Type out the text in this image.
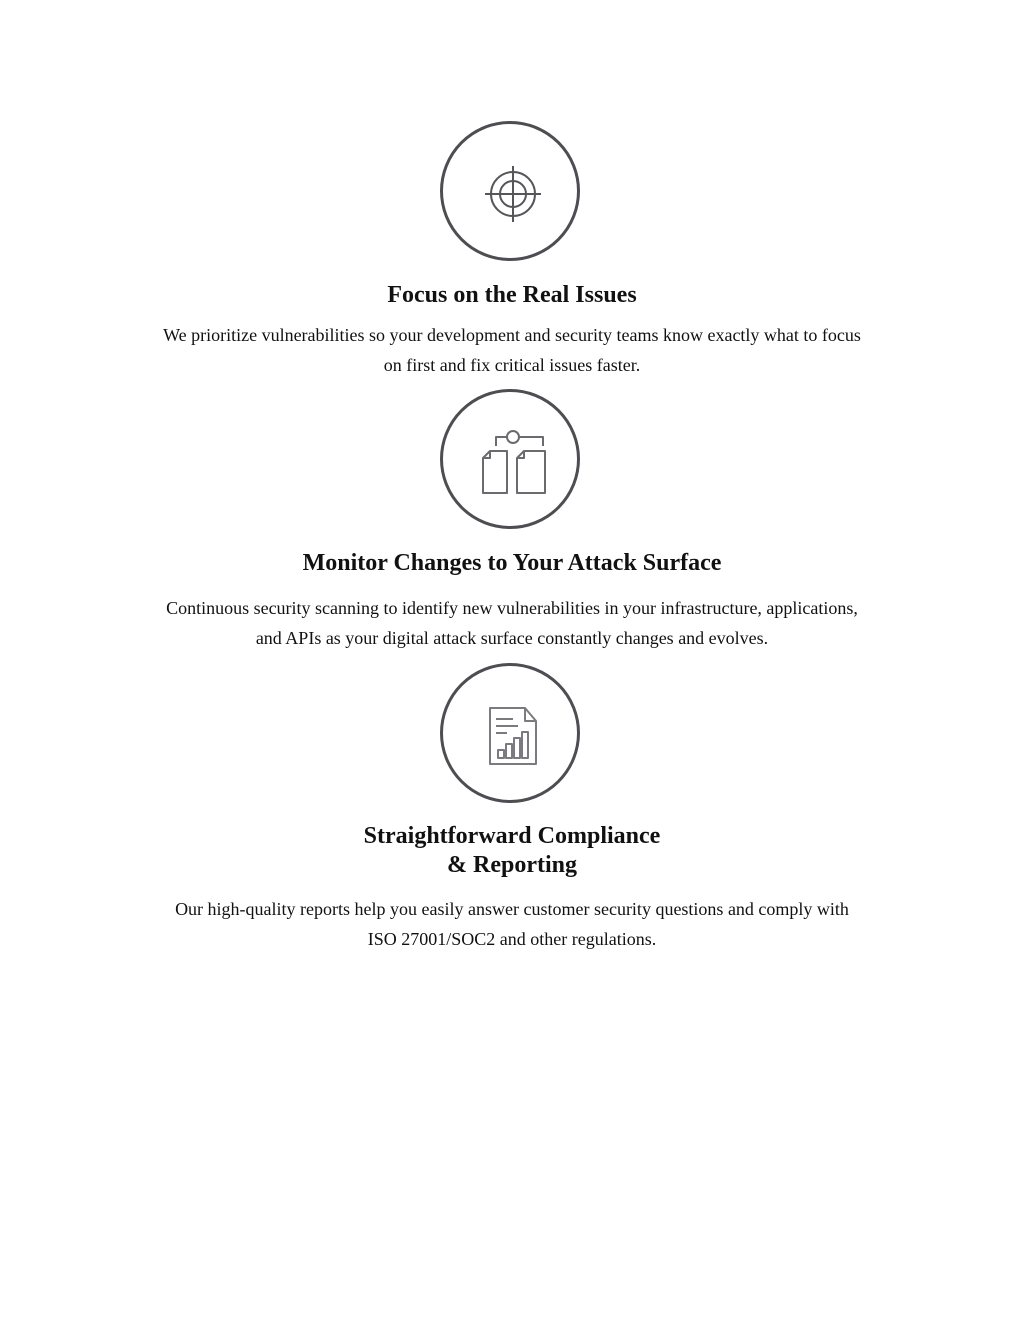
Focus on the Real Issues

We prioritize vulnerabilities so your development and security teams know exactly what to focus
on first and fix critical issues faster.

Monitor Changes to Your Attack Surface

Continuous security scanning to identify new vulnerabilities in your infrastructure, applications,
and APIs as your digital attack surface constantly changes and evolves.

Straightforward Compliance
& Reporting

Our high-quality reports help you easily answer customer security questions and comply with
ISO 27001/SOC2 and other regulations.
